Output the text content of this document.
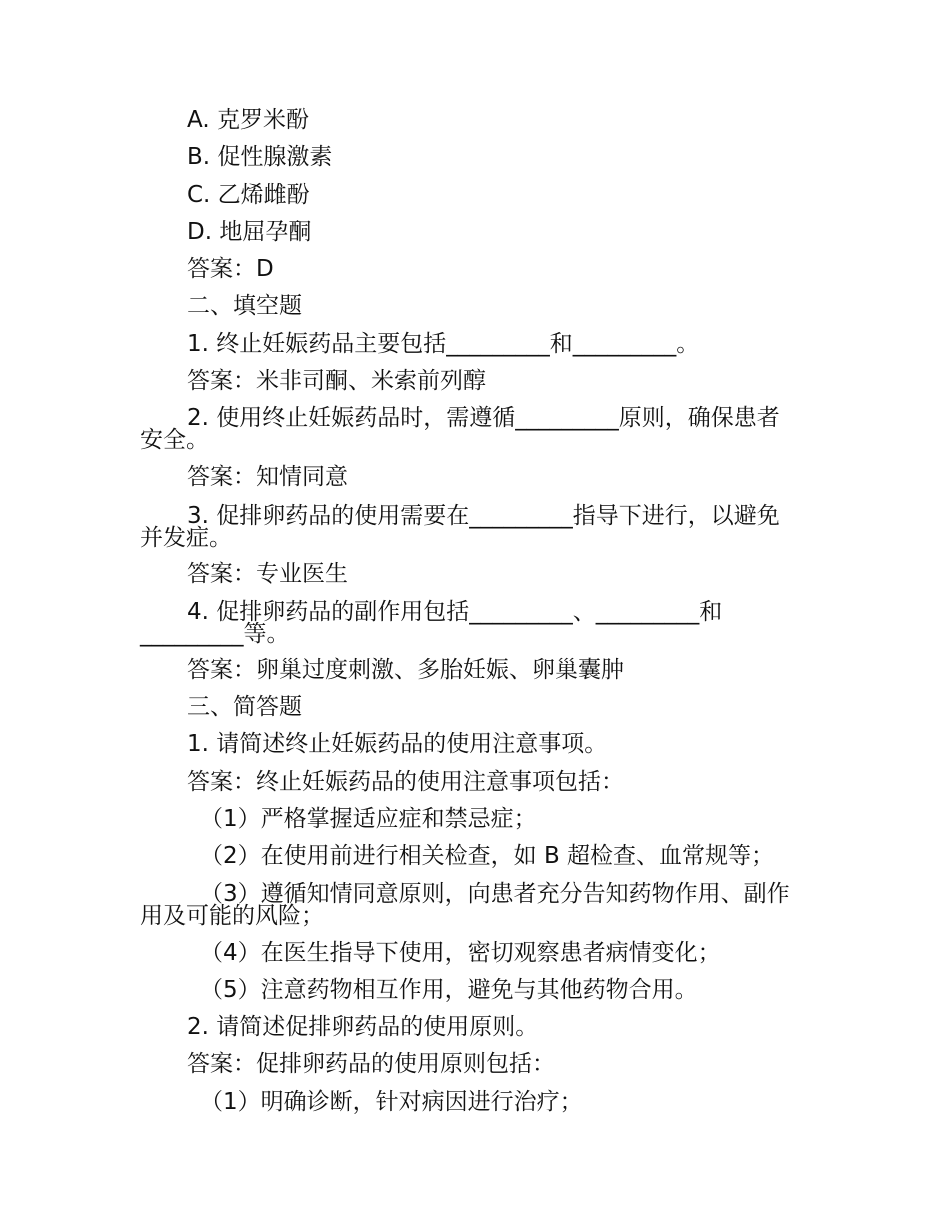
A. 克罗米酚
B. 促性腺激素
C. 乙烯雌酚
D. 地屈孕酮
答案：D
二、填空题
1. 终止妊娠药品主要包括_________和_________。
答案：米非司酮、米索前列醇
2. 使用终止妊娠药品时，需遵循_________原则，确保患者安全。
答案：知情同意
3. 促排卵药品的使用需要在_________指导下进行，以避免并发症。
答案：专业医生
4. 促排卵药品的副作用包括_________、_________和_________等。
答案：卵巢过度刺激、多胎妊娠、卵巢囊肿
三、简答题
1. 请简述终止妊娠药品的使用注意事项。
答案：终止妊娠药品的使用注意事项包括：
（1）严格掌握适应症和禁忌症；
（2）在使用前进行相关检查，如 B 超检查、血常规等；
（3）遵循知情同意原则，向患者充分告知药物作用、副作用及可能的风险；
（4）在医生指导下使用，密切观察患者病情变化；
（5）注意药物相互作用，避免与其他药物合用。
2. 请简述促排卵药品的使用原则。
答案：促排卵药品的使用原则包括：
（1）明确诊断，针对病因进行治疗；
